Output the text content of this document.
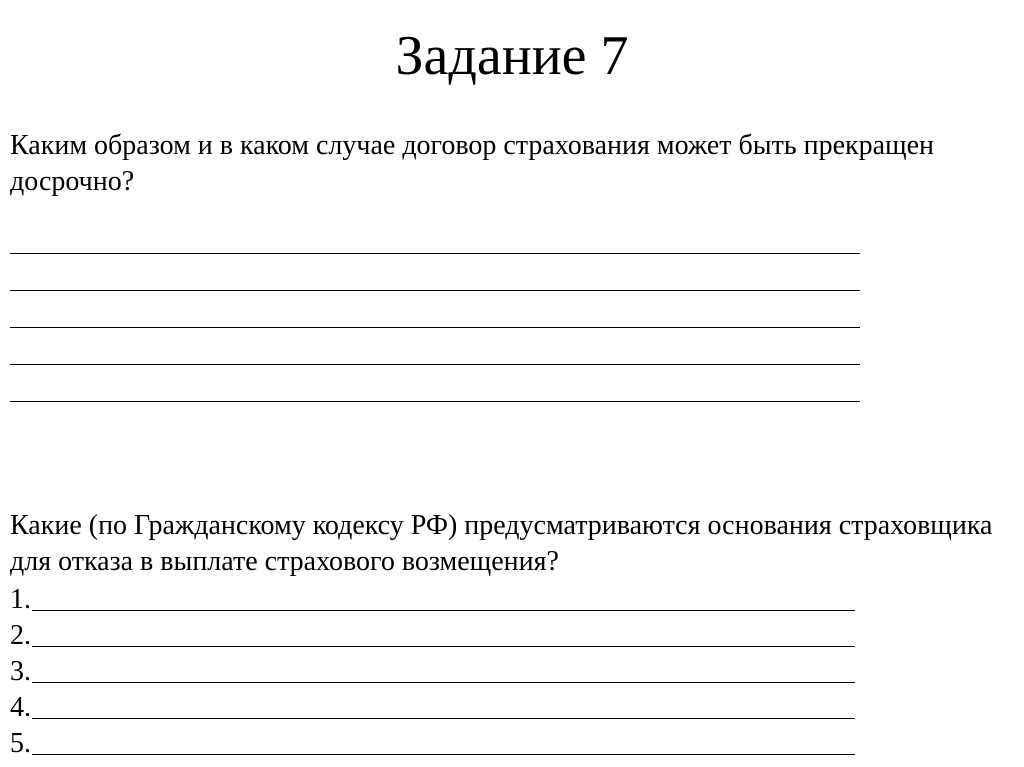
Задание 7

Каким образом и в каком случае договор страхования может быть прекращен досрочно?

Какие (по Гражданскому кодексу РФ) предусматриваются основания страховщика для отказа в выплате страхового возмещения?

1.
2.
3.
4.
5.
